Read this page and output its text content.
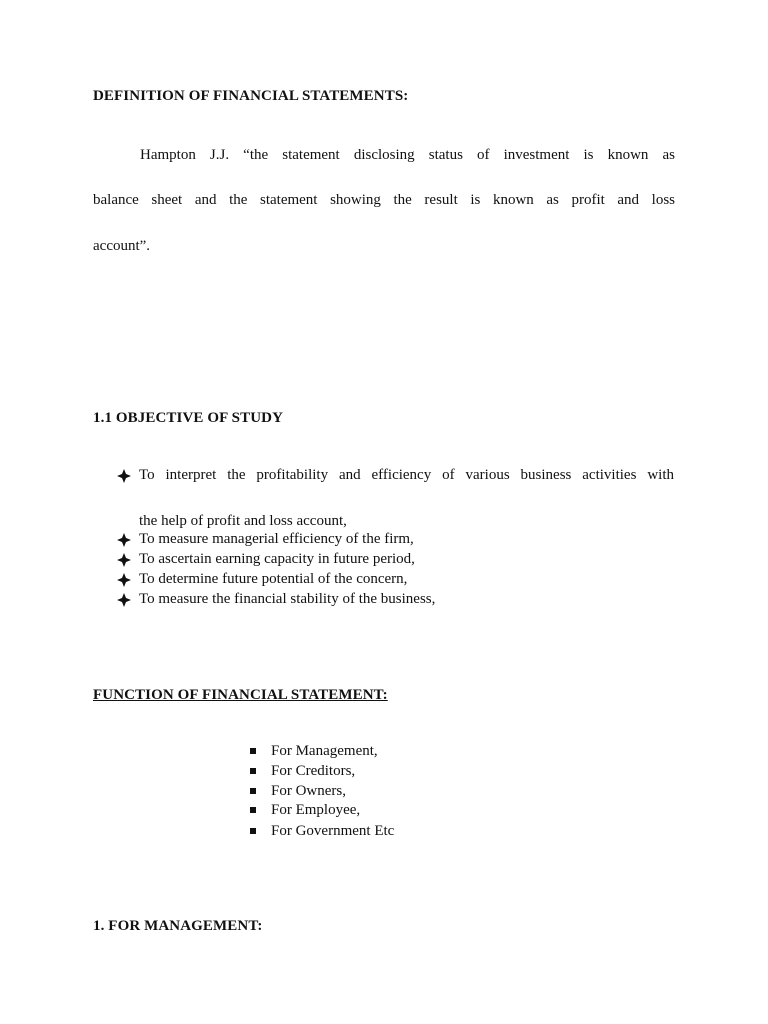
DEFINITION OF FINANCIAL STATEMENTS:
Hampton J.J. “the statement disclosing status of investment is known as
balance sheet and the statement showing the result is known as profit and loss
account”.
1.1 OBJECTIVE OF STUDY
To interpret the profitability and efficiency of various business activities with
the help of profit and loss account,
To measure managerial efficiency of the firm,
To ascertain earning capacity in future period,
To determine future potential of the concern,
To measure the financial stability of the business,
FUNCTION OF FINANCIAL STATEMENT:
For Management,
For Creditors,
For Owners,
For Employee,
For Government Etc
1. FOR MANAGEMENT:
